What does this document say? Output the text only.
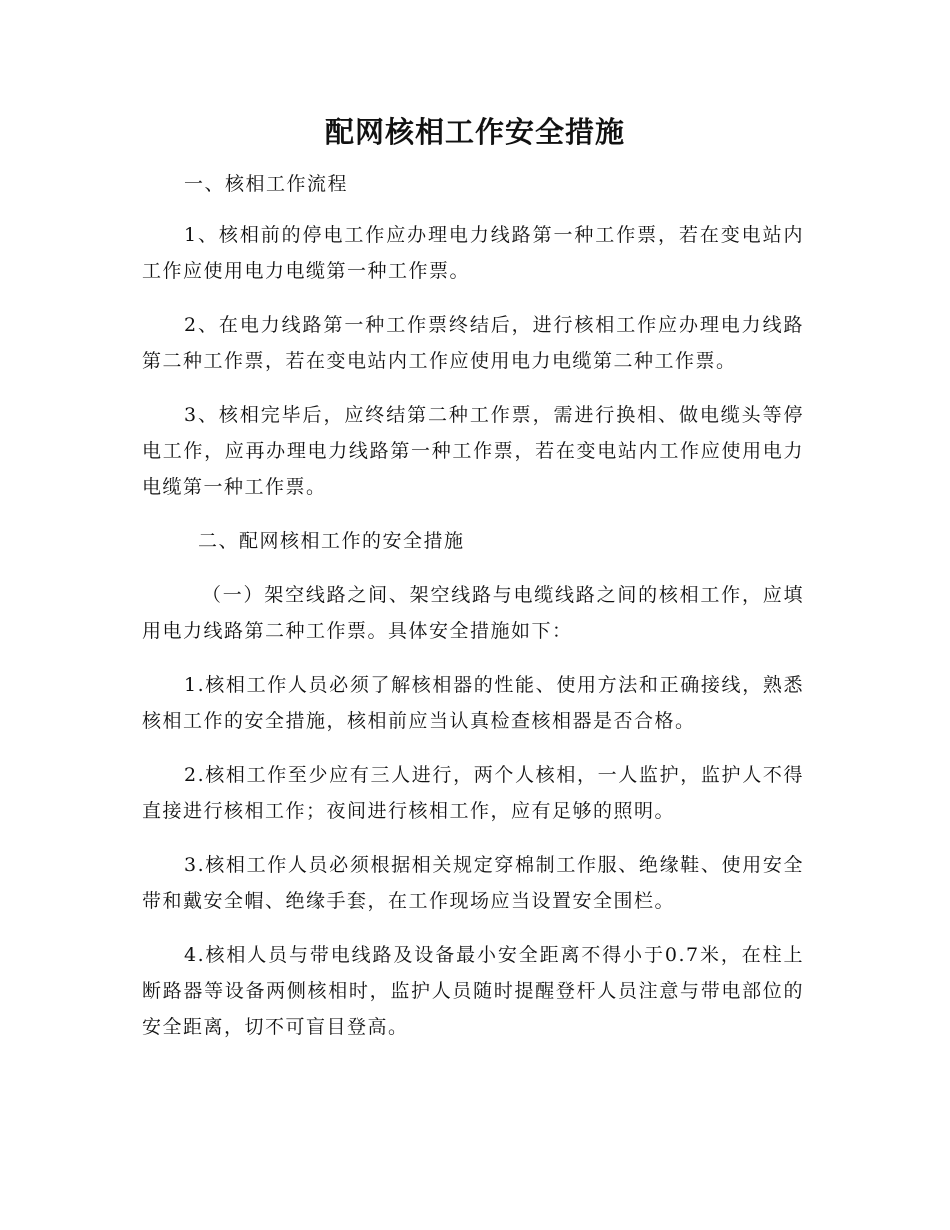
配网核相工作安全措施

一、核相工作流程

1、核相前的停电工作应办理电力线路第一种工作票，若在变电站内工作应使用电力电缆第一种工作票。

2、在电力线路第一种工作票终结后，进行核相工作应办理电力线路第二种工作票，若在变电站内工作应使用电力电缆第二种工作票。

3、核相完毕后，应终结第二种工作票，需进行换相、做电缆头等停电工作，应再办理电力线路第一种工作票，若在变电站内工作应使用电力电缆第一种工作票。

二、配网核相工作的安全措施

（一）架空线路之间、架空线路与电缆线路之间的核相工作，应填用电力线路第二种工作票。具体安全措施如下：

1.核相工作人员必须了解核相器的性能、使用方法和正确接线，熟悉核相工作的安全措施，核相前应当认真检查核相器是否合格。

2.核相工作至少应有三人进行，两个人核相，一人监护，监护人不得直接进行核相工作；夜间进行核相工作，应有足够的照明。

3.核相工作人员必须根据相关规定穿棉制工作服、绝缘鞋、使用安全带和戴安全帽、绝缘手套，在工作现场应当设置安全围栏。

4.核相人员与带电线路及设备最小安全距离不得小于0.7米，在柱上断路器等设备两侧核相时，监护人员随时提醒登杆人员注意与带电部位的安全距离，切不可盲目登高。
